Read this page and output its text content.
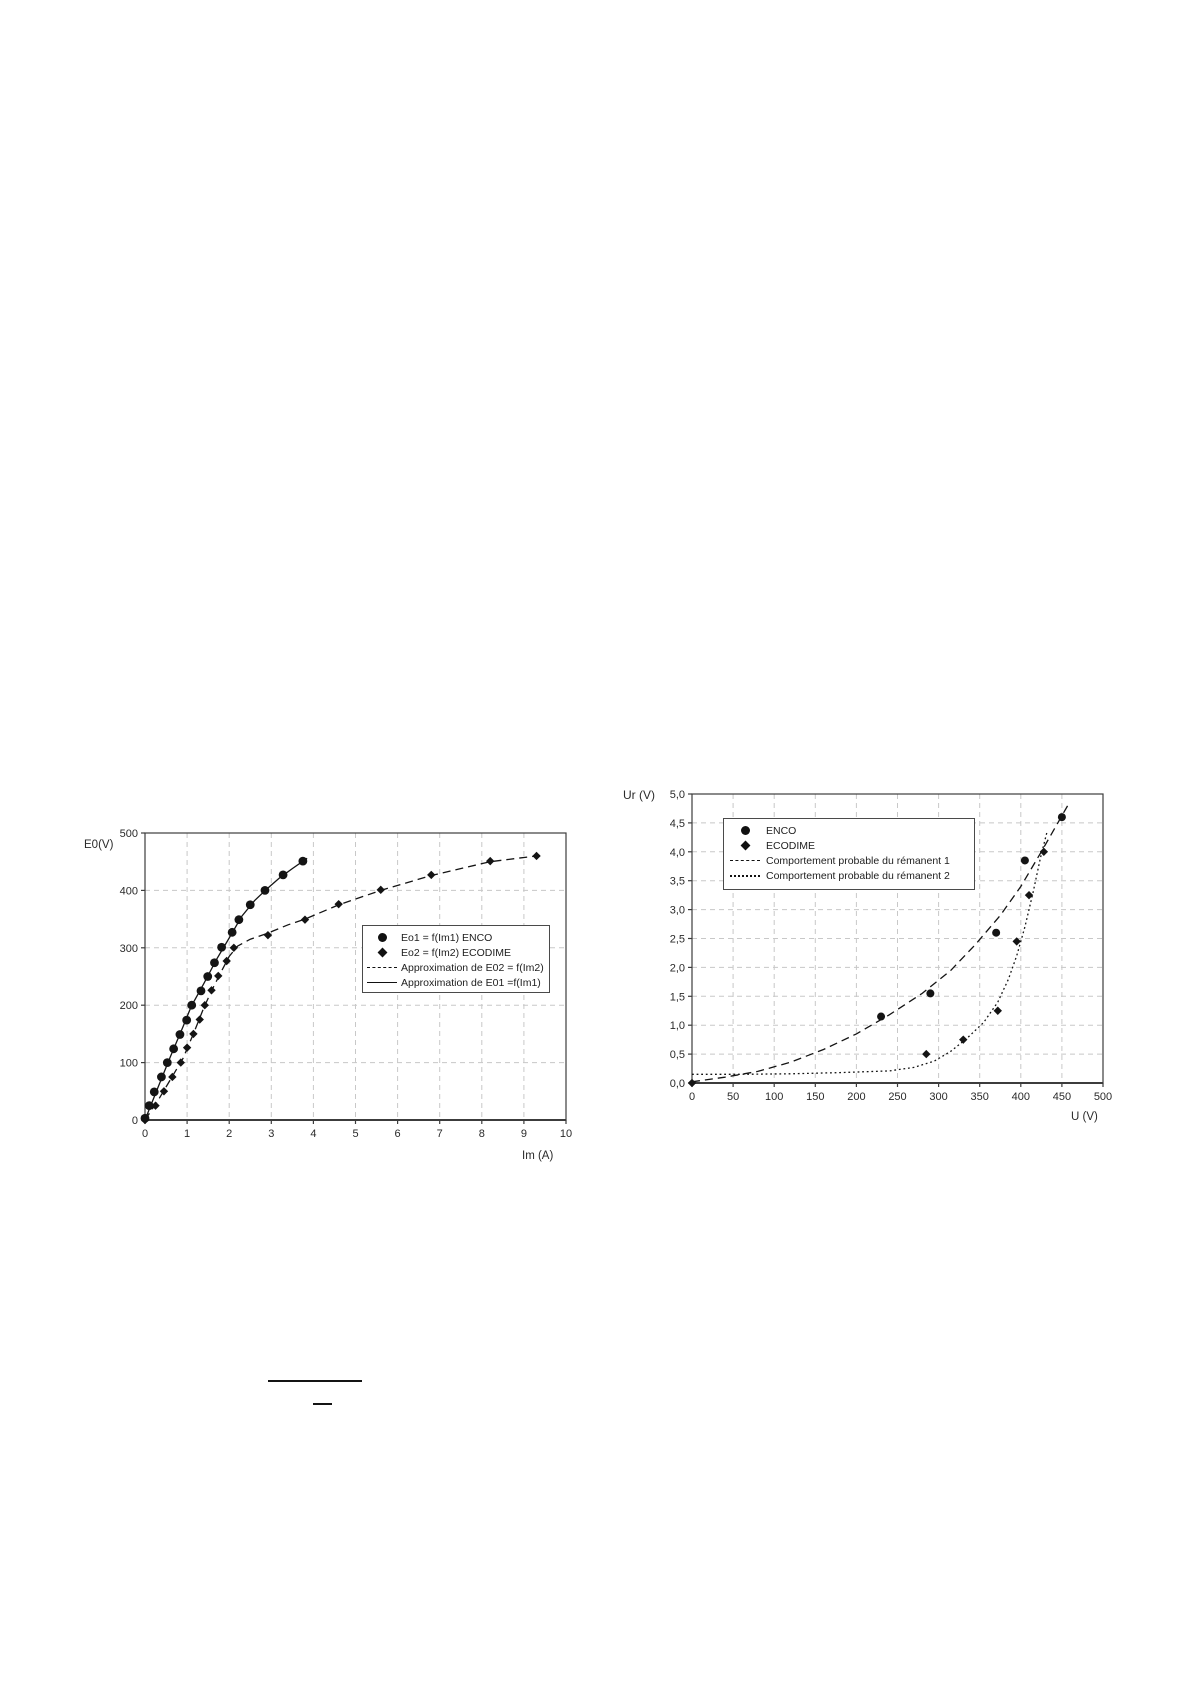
0	1	2	3	4	5	6	7	8	9	10
0
100
200
300
400
500
E0(V)
Im (A)
Eo1 = f(Im1) ENCO
Eo2 = f(Im2) ECODIME
Approximation de E02 = f(Im2)
Approximation de E01 =f(Im1)
0	50 100 150 200 250 300 350 400 450 500
0,0
0,5
1,0
1,5
2,0
2,5
3,0
3,5
4,0
4,5
5,0
Ur (V)
U (V)
ENCO
ECODIME
Comportement probable du rémanent 1
Comportement probable du rémanent 2
